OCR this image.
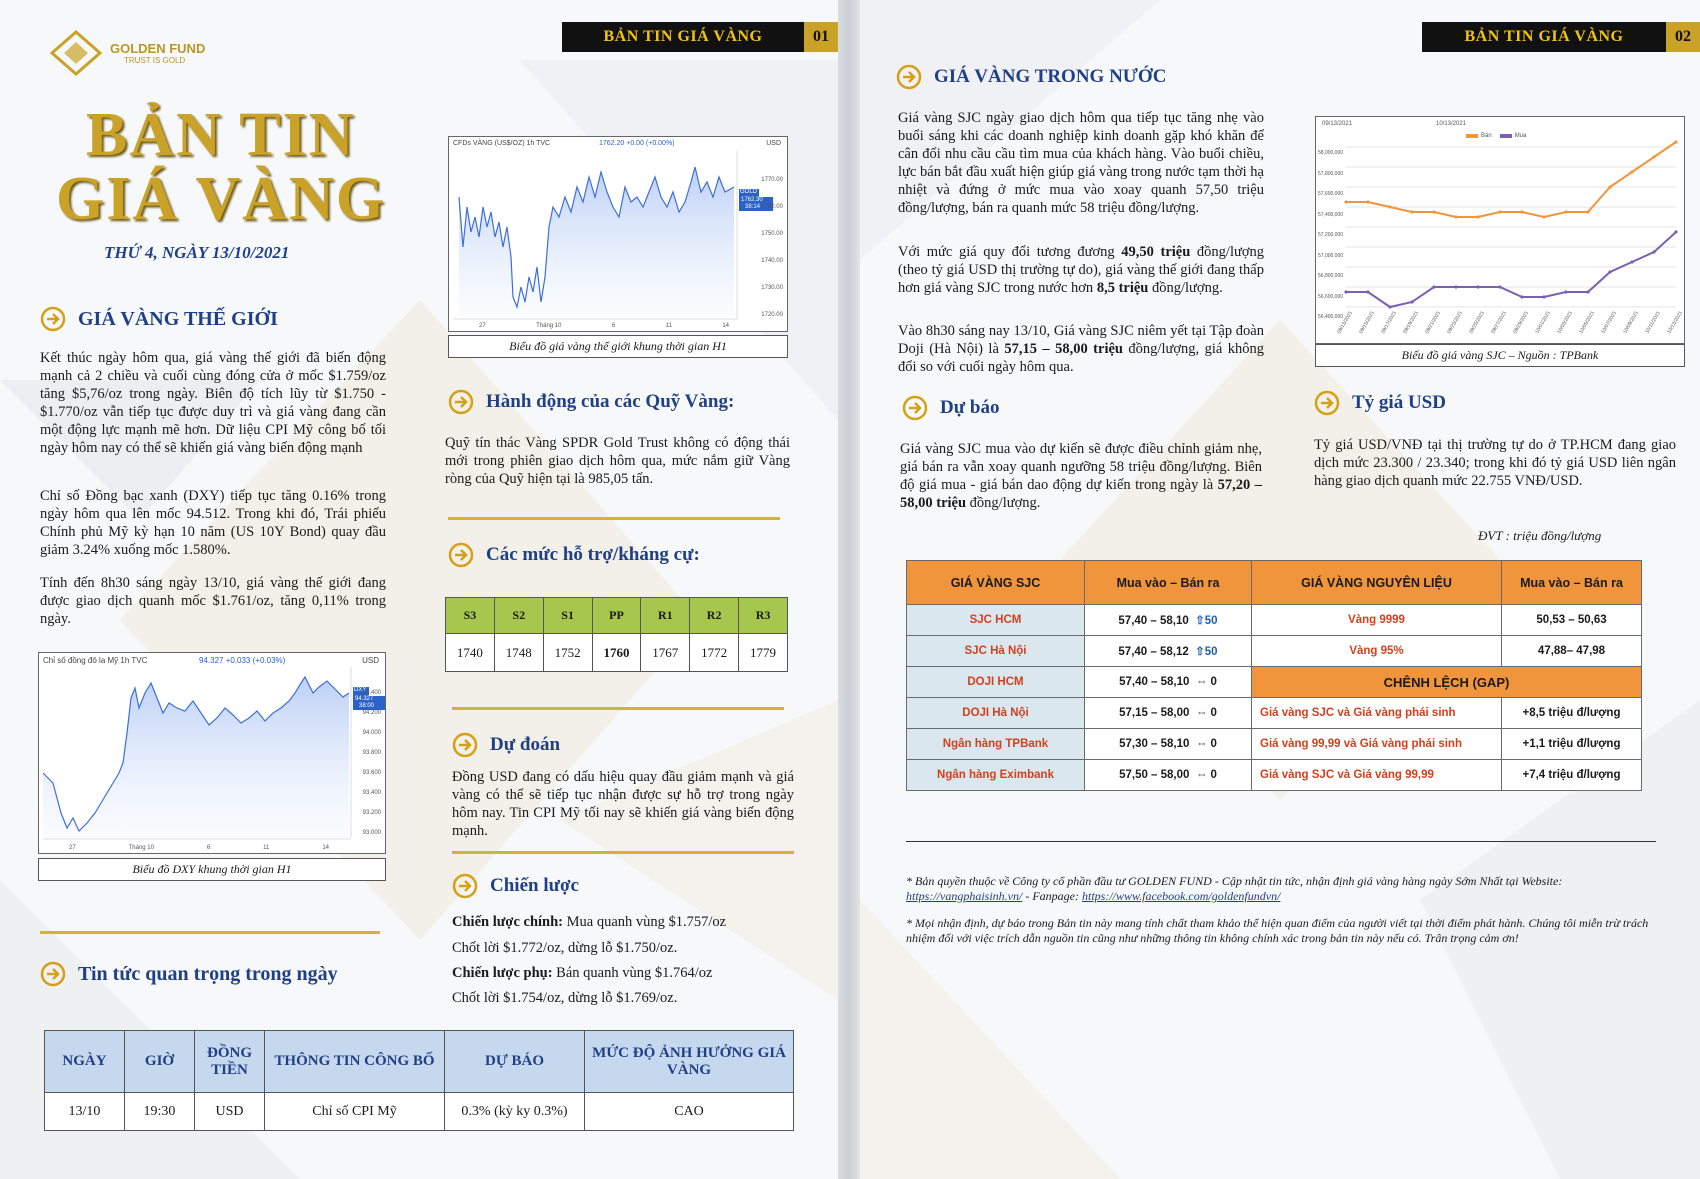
BẢN TIN GIÁ VÀNG	01
GOLDEN FUND
TRUST IS GOLD
BẢN TIN
GIÁ VÀNG
THỨ 4, NGÀY 13/10/2021
GIÁ VÀNG THẾ GIỚI
Kết thúc ngày hôm qua, giá vàng thế giới đã biến động mạnh cả 2 chiều và cuối cùng đóng cửa ở mốc $1.759/oz tăng $5,76/oz trong ngày. Biên độ tích lũy từ $1.750 - $1.770/oz vẫn tiếp tục được duy trì và giá vàng đang cần một động lực mạnh mẽ hơn. Dữ liệu CPI Mỹ công bố tối ngày hôm nay có thể sẽ khiến giá vàng biến động mạnh
Chỉ số Đồng bạc xanh (DXY) tiếp tục tăng 0.16% trong ngày hôm qua lên mốc 94.512. Trong khi đó, Trái phiếu Chính phủ Mỹ kỳ hạn 10 năm (US 10Y Bond) quay đầu giảm 3.24% xuống mốc 1.580%.
Tính đến 8h30 sáng ngày 13/10, giá vàng thế giới đang được giao dịch quanh mốc $1.761/oz, tăng 0,11% trong ngày.
Chỉ số đồng đô la Mỹ 1h TVC	94.327 +0.033 (+0.03%)	USD
DXY
94.327
38:00
94.400
94.200
94.000
93.800
93.600
93.400
93.200
93.000
27	Tháng 10	6	11	14
Biểu đồ DXY khung thời gian H1
Tin tức quan trọng trong ngày
NGÀY	GIỜ	ĐỒNG TIỀN	THÔNG TIN CÔNG BỐ	DỰ BÁO	MỨC ĐỘ ẢNH HƯỞNG GIÁ VÀNG
13/10	19:30	USD	Chỉ số CPI Mỹ	0.3% (kỳ ky 0.3%)	CAO
CFDs VÀNG (US$/OZ) 1h TVC	1762.20 +0.00 (+0.00%)	USD
GOLD
1762.30
38:14
1770.00
1760.00
1750.00
1740.00
1730.00
1720.00
27	Tháng 10	6	11	14
Biểu đồ giá vàng thế giới khung thời gian H1
Hành động của các Quỹ Vàng:
Quỹ tín thác Vàng SPDR Gold Trust không có động thái mới trong phiên giao dịch hôm qua, mức nắm giữ Vàng ròng của Quỹ hiện tại là 985,05 tấn.
Các mức hỗ trợ/kháng cự:
S3	S2	S1	PP	R1	R2	R3
1740	1748	1752	1760	1767	1772	1779
Dự đoán
Đồng USD đang có dấu hiệu quay đầu giảm mạnh và giá vàng có thể sẽ tiếp tục nhận được sự hỗ trợ trong ngày hôm nay. Tin CPI Mỹ tối nay sẽ khiến giá vàng biến động mạnh.
Chiến lược
Chiến lược chính: Mua quanh vùng $1.757/oz
Chốt lời $1.772/oz, dừng lỗ $1.750/oz.
Chiến lược phụ: Bán quanh vùng $1.764/oz
Chốt lời $1.754/oz, dừng lỗ $1.769/oz.
BẢN TIN GIÁ VÀNG	02
GIÁ VÀNG TRONG NƯỚC
Giá vàng SJC ngày giao dịch hôm qua tiếp tục tăng nhẹ vào buổi sáng khi các doanh nghiệp kinh doanh gặp khó khăn để cân đối nhu cầu cầu tìm mua của khách hàng. Vào buổi chiều, lực bán bắt đầu xuất hiện giúp giá vàng trong nước tạm thời hạ nhiệt và đứng ở mức mua vào xoay quanh 57,50 triệu đồng/lượng, bán ra quanh mức 58 triệu đồng/lượng.
Với mức giá quy đổi tương đương 49,50 triệu đồng/lượng (theo tỷ giá USD thị trường tự do), giá vàng thế giới đang thấp hơn giá vàng SJC trong nước hơn 8,5 triệu đồng/lượng.
Vào 8h30 sáng nay 13/10, Giá vàng SJC niêm yết tại Tập đoàn Doji (Hà Nội) là 57,15 – 58,00 triệu đồng/lượng, giá không đổi so với cuối ngày hôm qua.
09/13/2021	10/13/2021
Bán	Mua
58,000,000
57,800,000
57,600,000
57,400,000
57,200,000
57,000,000
56,800,000
56,600,000
56,400,000
09/13/2021 09/15/2021 09/17/2021 09/19/2021 09/21/2021 09/23/2021 09/25/2021 09/27/2021 09/29/2021 10/01/2021 10/03/2021 10/05/2021 10/07/2021 10/09/2021 10/11/2021 10/13/2021
Biểu đồ giá vàng SJC – Nguồn : TPBank
Dự báo
Giá vàng SJC mua vào dự kiến sẽ được điều chỉnh giảm nhẹ, giá bán ra vẫn xoay quanh ngưỡng 58 triệu đồng/lượng. Biên độ giá mua - giá bán dao động dự kiến trong ngày là 57,20 – 58,00 triệu đồng/lượng.
Tỷ giá USD
Tỷ giá USD/VNĐ tại thị trường tự do ở TP.HCM đang giao dịch mức 23.300 / 23.340; trong khi đó tỷ giá USD liên ngân hàng giao dịch quanh mức 22.755 VNĐ/USD.
ĐVT : triệu đồng/lượng
GIÁ VÀNG SJC	Mua vào – Bán ra	GIÁ VÀNG NGUYÊN LIỆU	Mua vào – Bán ra
SJC HCM	57,40 – 58,10 ⇧50	Vàng 9999	50,53 – 50,63
SJC Hà Nội	57,40 – 58,12 ⇧50	Vàng 95%	47,88– 47,98
DOJI HCM	57,40 – 58,10 ⇔ 0	CHÊNH LỆCH (GAP)	
DOJI Hà Nội	57,15 – 58,00 ⇔ 0	Giá vàng SJC và Giá vàng phái sinh	+8,5 triệu đ/lượng
Ngân hàng TPBank	57,30 – 58,10 ⇔ 0	Giá vàng 99,99 và Giá vàng phái sinh	+1,1 triệu đ/lượng
Ngân hàng Eximbank	57,50 – 58,00 ⇔ 0	Giá vàng SJC và Giá vàng 99,99	+7,4 triệu đ/lượng
* Bản quyền thuộc về Công ty cổ phần đầu tư GOLDEN FUND - Cập nhật tin tức, nhận định giá vàng hàng ngày Sớm Nhất tại Website: https://vangphaisinh.vn/ - Fanpage: https://www.facebook.com/goldenfundvn/
* Mọi nhận định, dự báo trong Bản tin này mang tính chất tham khảo thể hiện quan điểm của người viết tại thời điểm phát hành. Chúng tôi miễn trừ trách nhiệm đối với việc trích dẫn nguồn tin cũng như những thông tin không chính xác trong bản tin này nếu có. Trân trọng cảm ơn!
